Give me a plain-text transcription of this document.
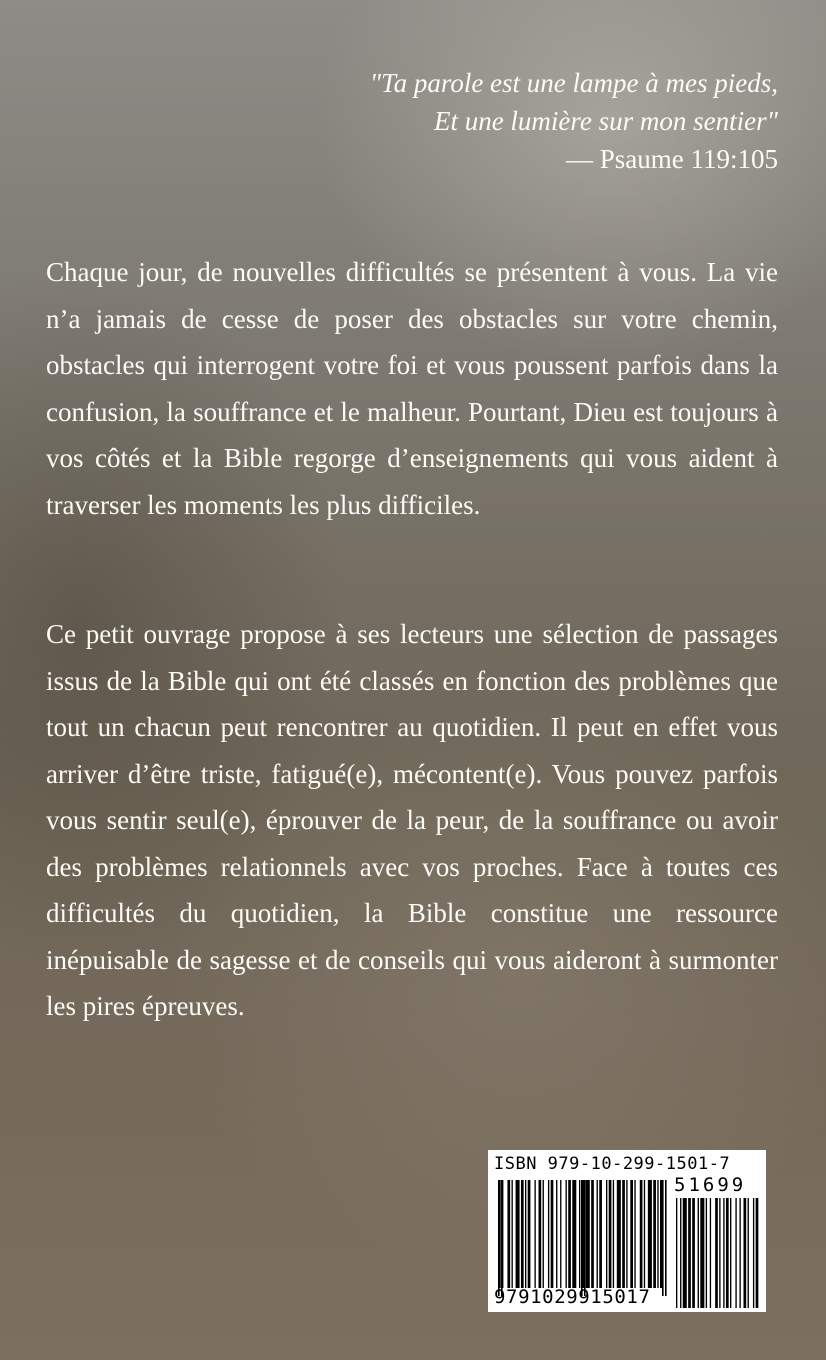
"Ta parole est une lampe à mes pieds,
Et une lumière sur mon sentier"
— Psaume 119:105

Chaque jour, de nouvelles difficultés se présentent à vous. La vie n’a jamais de cesse de poser des obstacles sur votre chemin, obstacles qui interrogent votre foi et vous poussent parfois dans la confusion, la souffrance et le malheur. Pourtant, Dieu est toujours à vos côtés et la Bible regorge d’enseignements qui vous aident à traverser les moments les plus difficiles.

Ce petit ouvrage propose à ses lecteurs une sélection de passages issus de la Bible qui ont été classés en fonction des problèmes que tout un chacun peut rencontrer au quotidien. Il peut en effet vous arriver d’être triste, fatigué(e), mécontent(e). Vous pouvez parfois vous sentir seul(e), éprouver de la peur, de la souffrance ou avoir des problèmes relationnels avec vos proches. Face à toutes ces difficultés du quotidien, la Bible constitue une ressource inépuisable de sagesse et de conseils qui vous aideront à surmonter les pires épreuves.

ISBN 979-10-299-1501-7
51699
9791029915017
